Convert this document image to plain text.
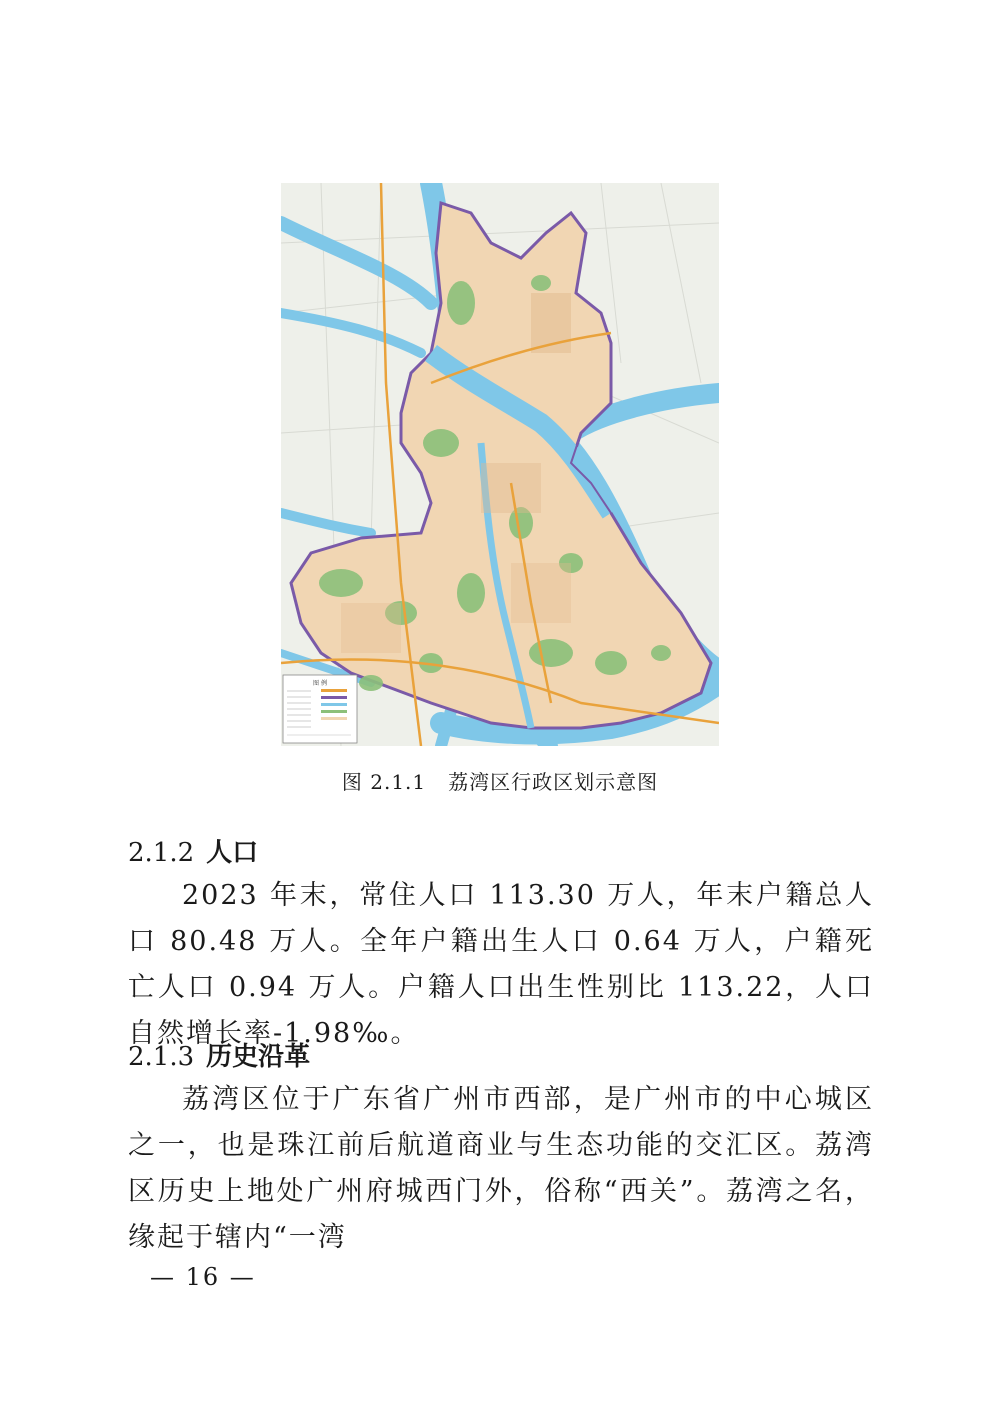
图 例
图 2.1.1 荔湾区行政区划示意图
2.1.2 人口

2023 年末，常住人口 113.30 万人，年末户籍总人口 80.48 万人。全年户籍出生人口 0.64 万人，户籍死亡人口 0.94 万人。户籍人口出生性别比 113.22，人口自然增长率-1.98‰。

2.1.3 历史沿革

荔湾区位于广东省广州市西部，是广州市的中心城区之一，也是珠江前后航道商业与生态功能的交汇区。荔湾区历史上地处广州府城西门外，俗称“西关”。荔湾之名，缘起于辖内“一湾

— 16 —
